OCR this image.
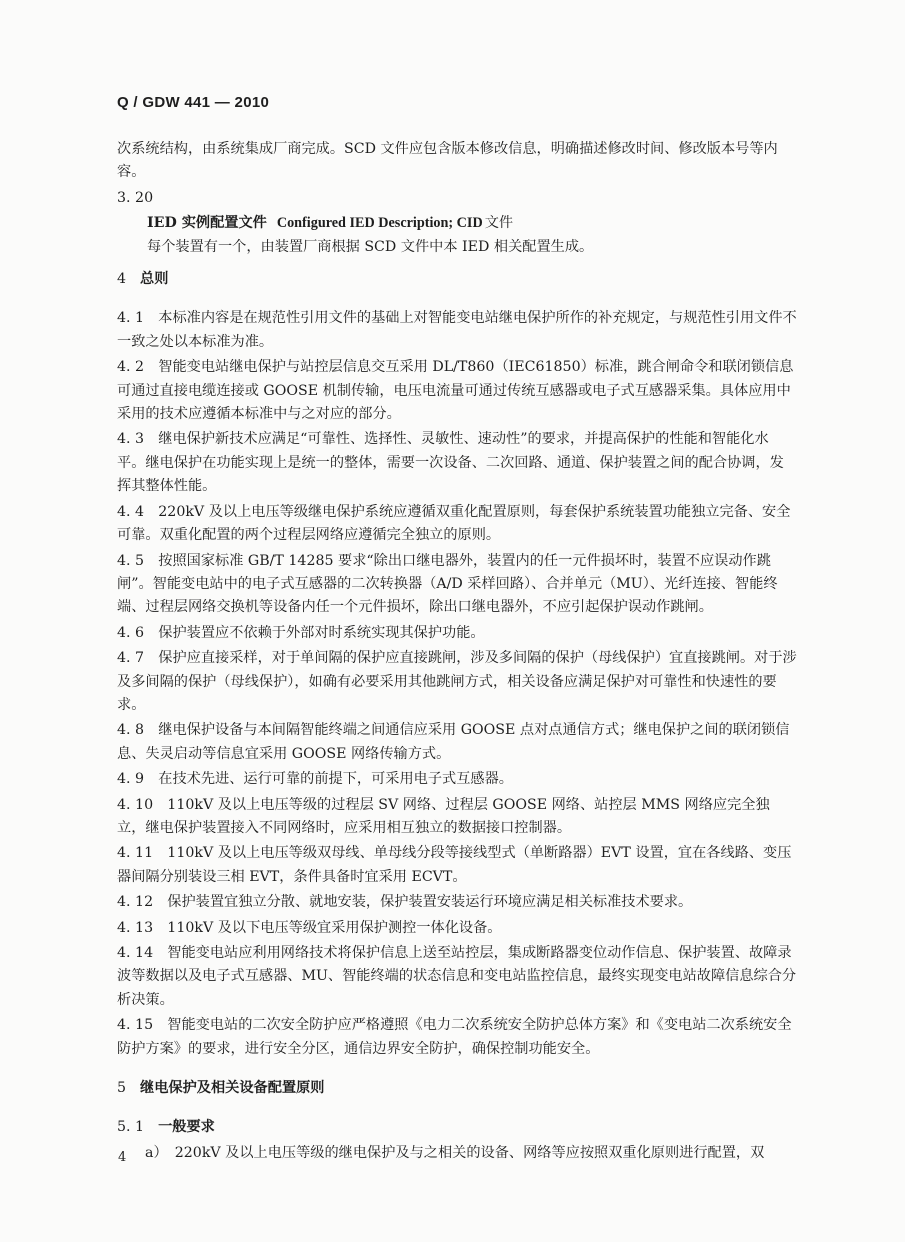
Q / GDW 441 — 2010

次系统结构，由系统集成厂商完成。SCD 文件应包含版本修改信息，明确描述修改时间、修改版本号等内容。

3. 20

IED 实例配置文件 Configured IED Description; CID 文件

每个装置有一个，由装置厂商根据 SCD 文件中本 IED 相关配置生成。

4 总则

4. 1　本标准内容是在规范性引用文件的基础上对智能变电站继电保护所作的补充规定，与规范性引用文件不一致之处以本标准为准。

4. 2　智能变电站继电保护与站控层信息交互采用 DL/T860（IEC61850）标准，跳合闸命令和联闭锁信息可通过直接电缆连接或 GOOSE 机制传输，电压电流量可通过传统互感器或电子式互感器采集。具体应用中采用的技术应遵循本标准中与之对应的部分。

4. 3　继电保护新技术应满足“可靠性、选择性、灵敏性、速动性”的要求，并提高保护的性能和智能化水平。继电保护在功能实现上是统一的整体，需要一次设备、二次回路、通道、保护装置之间的配合协调，发挥其整体性能。

4. 4　220kV 及以上电压等级继电保护系统应遵循双重化配置原则，每套保护系统装置功能独立完备、安全可靠。双重化配置的两个过程层网络应遵循完全独立的原则。

4. 5　按照国家标准 GB/T 14285 要求“除出口继电器外，装置内的任一元件损坏时，装置不应误动作跳闸”。智能变电站中的电子式互感器的二次转换器（A/D 采样回路）、合并单元（MU）、光纤连接、智能终端、过程层网络交换机等设备内任一个元件损坏，除出口继电器外，不应引起保护误动作跳闸。

4. 6　保护装置应不依赖于外部对时系统实现其保护功能。

4. 7　保护应直接采样，对于单间隔的保护应直接跳闸，涉及多间隔的保护（母线保护）宜直接跳闸。对于涉及多间隔的保护（母线保护），如确有必要采用其他跳闸方式，相关设备应满足保护对可靠性和快速性的要求。

4. 8　继电保护设备与本间隔智能终端之间通信应采用 GOOSE 点对点通信方式；继电保护之间的联闭锁信息、失灵启动等信息宜采用 GOOSE 网络传输方式。

4. 9　在技术先进、运行可靠的前提下，可采用电子式互感器。

4. 10　110kV 及以上电压等级的过程层 SV 网络、过程层 GOOSE 网络、站控层 MMS 网络应完全独立，继电保护装置接入不同网络时，应采用相互独立的数据接口控制器。

4. 11　110kV 及以上电压等级双母线、单母线分段等接线型式（单断路器）EVT 设置，宜在各线路、变压器间隔分别装设三相 EVT，条件具备时宜采用 ECVT。

4. 12　保护装置宜独立分散、就地安装，保护装置安装运行环境应满足相关标准技术要求。

4. 13　110kV 及以下电压等级宜采用保护测控一体化设备。

4. 14　智能变电站应利用网络技术将保护信息上送至站控层，集成断路器变位动作信息、保护装置、故障录波等数据以及电子式互感器、MU、智能终端的状态信息和变电站监控信息，最终实现变电站故障信息综合分析决策。

4. 15　智能变电站的二次安全防护应严格遵照《电力二次系统安全防护总体方案》和《变电站二次系统安全防护方案》的要求，进行安全分区，通信边界安全防护，确保控制功能安全。

5 继电保护及相关设备配置原则

5. 1 一般要求

a）　220kV 及以上电压等级的继电保护及与之相关的设备、网络等应按照双重化原则进行配置，双

4
